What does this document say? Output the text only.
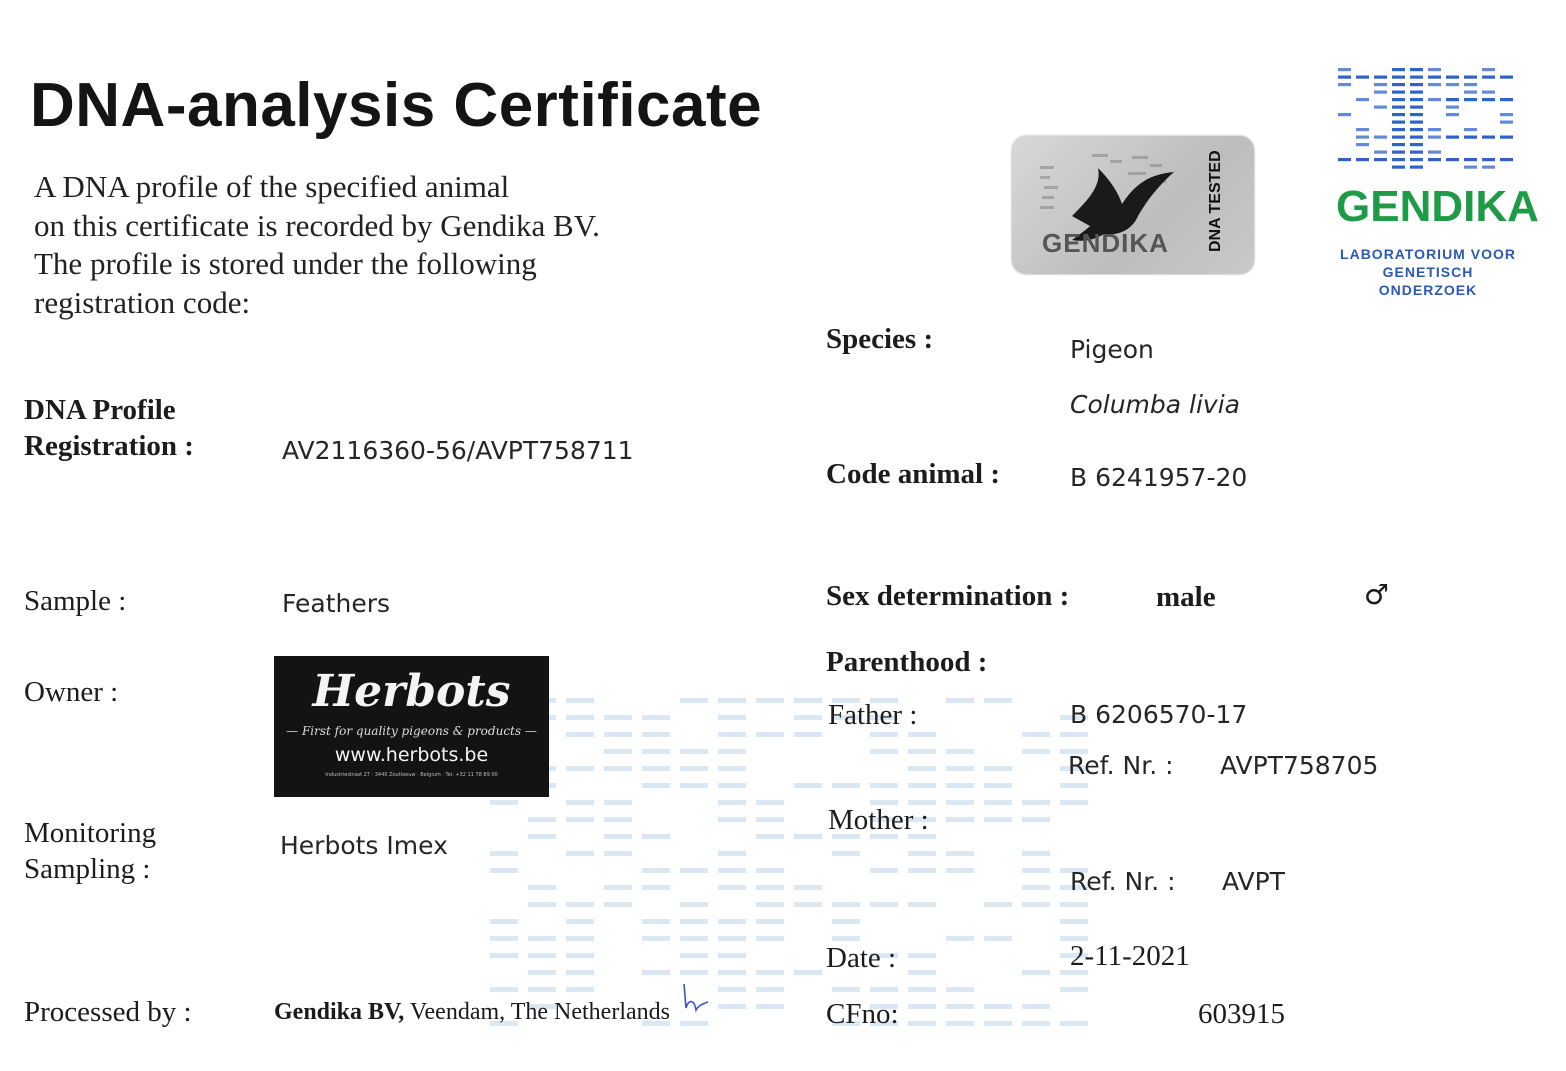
DNA-analysis Certificate
A DNA profile of the specified animal
on this certificate is recorded by Gendika BV.
The profile is stored under the following
registration code:
GENDIKA DNA TESTED	GENDIKA
LABORATORIUM VOOR
GENETISCH ONDERZOEK
DNA Profile
Registration :	AV2116360-56/AVPT758711
Sample :	Feathers
Owner :	Herbots
— First for quality pigeons & products —
www.herbots.be
Industriestraat 27 · 3440 Zoutleeuw · Belgium · Tel. +32 11 78 89 00
Monitoring
Sampling :
Herbots Imex
Processed by :	Gendika BV, Veendam, The Netherlands
Species :	Pigeon
Columba livia
Code animal :	B 6241957-20
Sex determination :	male	♂
Parenthood :
Father :	B 6206570-17
Ref. Nr. : AVPT758705
Mother :
Ref. Nr. : AVPT
Date :	2-11-2021
CFno:	603915
